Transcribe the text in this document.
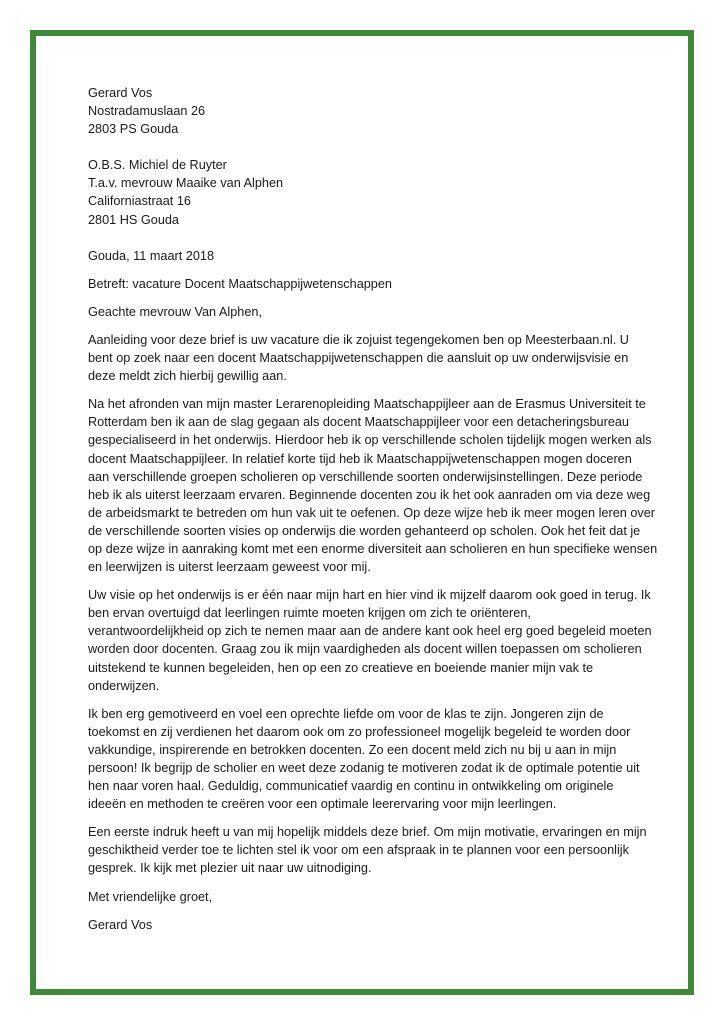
Gerard Vos
Nostradamuslaan 26
2803 PS Gouda
O.B.S. Michiel de Ruyter
T.a.v. mevrouw Maaike van Alphen
Californiastraat 16
2801 HS Gouda

Gouda, 11 maart 2018

Betreft: vacature Docent Maatschappijwetenschappen

Geachte mevrouw Van Alphen,

Aanleiding voor deze brief is uw vacature die ik zojuist tegengekomen ben op Meesterbaan.nl. U
bent op zoek naar een docent Maatschappijwetenschappen die aansluit op uw onderwijsvisie en
deze meldt zich hierbij gewillig aan.

Na het afronden van mijn master Lerarenopleiding Maatschappijleer aan de Erasmus Universiteit te
Rotterdam ben ik aan de slag gegaan als docent Maatschappijleer voor een detacheringsbureau
gespecialiseerd in het onderwijs. Hierdoor heb ik op verschillende scholen tijdelijk mogen werken als
docent Maatschappijleer. In relatief korte tijd heb ik Maatschappijwetenschappen mogen doceren
aan verschillende groepen scholieren op verschillende soorten onderwijsinstellingen. Deze periode
heb ik als uiterst leerzaam ervaren. Beginnende docenten zou ik het ook aanraden om via deze weg
de arbeidsmarkt te betreden om hun vak uit te oefenen. Op deze wijze heb ik meer mogen leren over
de verschillende soorten visies op onderwijs die worden gehanteerd op scholen. Ook het feit dat je
op deze wijze in aanraking komt met een enorme diversiteit aan scholieren en hun specifieke wensen
en leerwijzen is uiterst leerzaam geweest voor mij.

Uw visie op het onderwijs is er één naar mijn hart en hier vind ik mijzelf daarom ook goed in terug. Ik
ben ervan overtuigd dat leerlingen ruimte moeten krijgen om zich te oriënteren,
verantwoordelijkheid op zich te nemen maar aan de andere kant ook heel erg goed begeleid moeten
worden door docenten. Graag zou ik mijn vaardigheden als docent willen toepassen om scholieren
uitstekend te kunnen begeleiden, hen op een zo creatieve en boeiende manier mijn vak te
onderwijzen.

Ik ben erg gemotiveerd en voel een oprechte liefde om voor de klas te zijn. Jongeren zijn de
toekomst en zij verdienen het daarom ook om zo professioneel mogelijk begeleid te worden door
vakkundige, inspirerende en betrokken docenten. Zo een docent meld zich nu bij u aan in mijn
persoon! Ik begrijp de scholier en weet deze zodanig te motiveren zodat ik de optimale potentie uit
hen naar voren haal. Geduldig, communicatief vaardig en continu in ontwikkeling om originele
ideeën en methoden te creëren voor een optimale leerervaring voor mijn leerlingen.

Een eerste indruk heeft u van mij hopelijk middels deze brief. Om mijn motivatie, ervaringen en mijn
geschiktheid verder toe te lichten stel ik voor om een afspraak in te plannen voor een persoonlijk
gesprek. Ik kijk met plezier uit naar uw uitnodiging.

Met vriendelijke groet,

Gerard Vos
